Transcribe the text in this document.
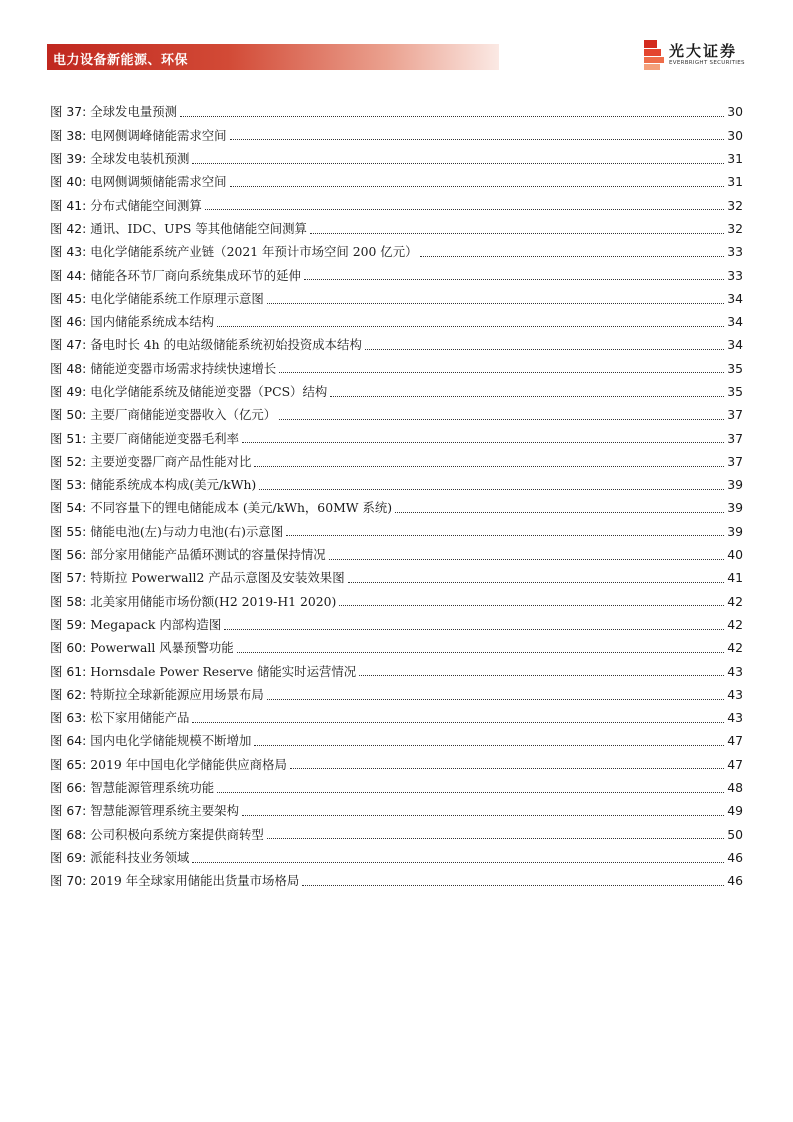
电力设备新能源、环保
光大证券
EVERBRIGHT SECURITIES
图 37: 全球发电量预测	30
图 38: 电网侧调峰储能需求空间	30
图 39: 全球发电装机预测	31
图 40: 电网侧调频储能需求空间	31
图 41: 分布式储能空间测算	32
图 42: 通讯、IDC、UPS 等其他储能空间测算	32
图 43: 电化学储能系统产业链（2021 年预计市场空间 200 亿元）	33
图 44: 储能各环节厂商向系统集成环节的延伸	33
图 45: 电化学储能系统工作原理示意图	34
图 46: 国内储能系统成本结构	34
图 47: 备电时长 4h 的电站级储能系统初始投资成本结构	34
图 48: 储能逆变器市场需求持续快速增长	35
图 49: 电化学储能系统及储能逆变器（PCS）结构	35
图 50: 主要厂商储能逆变器收入（亿元）	37
图 51: 主要厂商储能逆变器毛利率	37
图 52: 主要逆变器厂商产品性能对比	37
图 53: 储能系统成本构成(美元/kWh)	39
图 54: 不同容量下的锂电储能成本 (美元/kWh，60MW 系统)	39
图 55: 储能电池(左)与动力电池(右)示意图	39
图 56: 部分家用储能产品循环测试的容量保持情况	40
图 57: 特斯拉 Powerwall2 产品示意图及安装效果图	41
图 58: 北美家用储能市场份额(H2 2019-H1 2020)	42
图 59: Megapack 内部构造图	42
图 60: Powerwall 风暴预警功能	42
图 61: Hornsdale Power Reserve 储能实时运营情况	43
图 62: 特斯拉全球新能源应用场景布局	43
图 63: 松下家用储能产品	43
图 64: 国内电化学储能规模不断增加	47
图 65: 2019 年中国电化学储能供应商格局	47
图 66: 智慧能源管理系统功能	48
图 67: 智慧能源管理系统主要架构	49
图 68: 公司积极向系统方案提供商转型	50
图 69: 派能科技业务领域	46
图 70: 2019 年全球家用储能出货量市场格局	46
